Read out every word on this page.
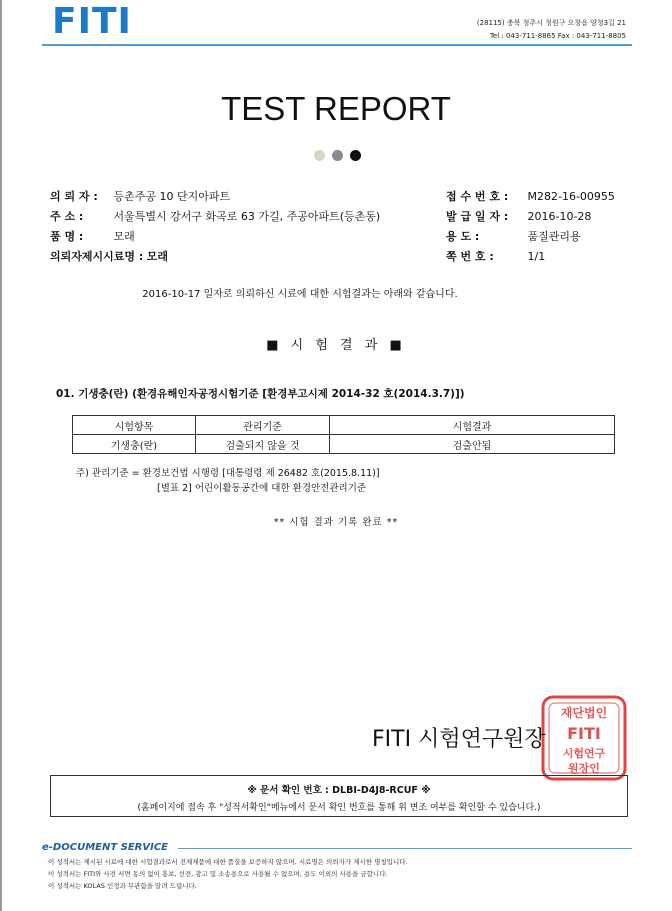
FITI	(28115) 충북 청주시 청원구 오창읍 양청3길 21
Tel : 043-711-8865 Fax : 043-711-8805
TEST REPORT
의 뢰 자 : 등촌주공 10 단지아파트
주 소 :	서울특별시 강서구 화곡로 63 가길, 주공아파트(등촌동)
품 명 :	모래
의뢰자제시시료명 : 모래
접 수 번 호 : M282-16-00955
발 급 일 자 : 2016-10-28
용 도 :	품질관리용
쪽 번 호 :	1/1
2016-10-17 일자로 의뢰하신 시료에 대한 시험결과는 아래와 같습니다.
■ 시 험 결 과 ■
01. 기생충(란) (환경유해인자공정시험기준 [환경부고시제 2014-32 호(2014.3.7)])
시험항목	관리기준	시험결과
기생충(란)	검출되지 않을 것	검출안됨
주) 관리기준 = 환경보건법 시행령 [대통령령 제 26482 호(2015.8.11)]
[별표 2] 어린이활동공간에 대한 환경안전관리기준
** 시험 결과 기록 완료 **
재단법인
FITI
시험연구
원장인
FITI 시험연구원장
※ 문서 확인 번호 : DLBI-D4J8-RCUF ※
(홈페이지에 접속 후 "성적서확인"메뉴에서 문서 확인 번호를 통해 위 변조 여부를 확인할 수 있습니다.)
e-DOCUMENT SERVICE
이 성적서는 제시된 시료에 대한 시험결과로서 전체제품에 대한 품질을 보증하지 않으며, 시료명은 의뢰자가 제시한 명칭입니다.
이 성적서는 FITI와 사전 서면 동의 없이 홍보, 선전, 광고 및 소송용으로 사용될 수 없으며, 용도 이외의 사용을 금합니다.
이 성적서는 KOLAS 인정과 무관함을 알려 드립니다.
